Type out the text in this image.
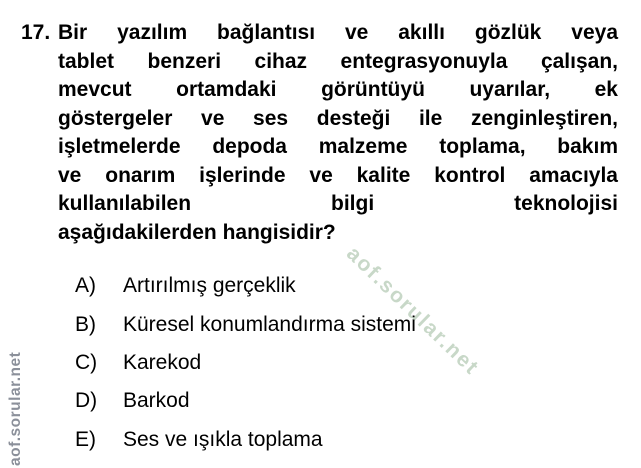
aof.sorular.net
aof.sorular.net
17. Bir yazılım bağlantısı ve akıllı gözlük veya
tablet benzeri cihaz entegrasyonuyla çalışan,
mevcut ortamdaki görüntüyü uyarılar, ek
göstergeler ve ses desteği ile zenginleştiren,
işletmelerde depoda malzeme toplama, bakım
ve onarım işlerinde ve kalite kontrol amacıyla
kullanılabilen bilgi teknolojisi
aşağıdakilerden hangisidir?
A)	Artırılmış gerçeklik
B)	Küresel konumlandırma sistemi
C)	Karekod
D)	Barkod
E)	Ses ve ışıkla toplama
